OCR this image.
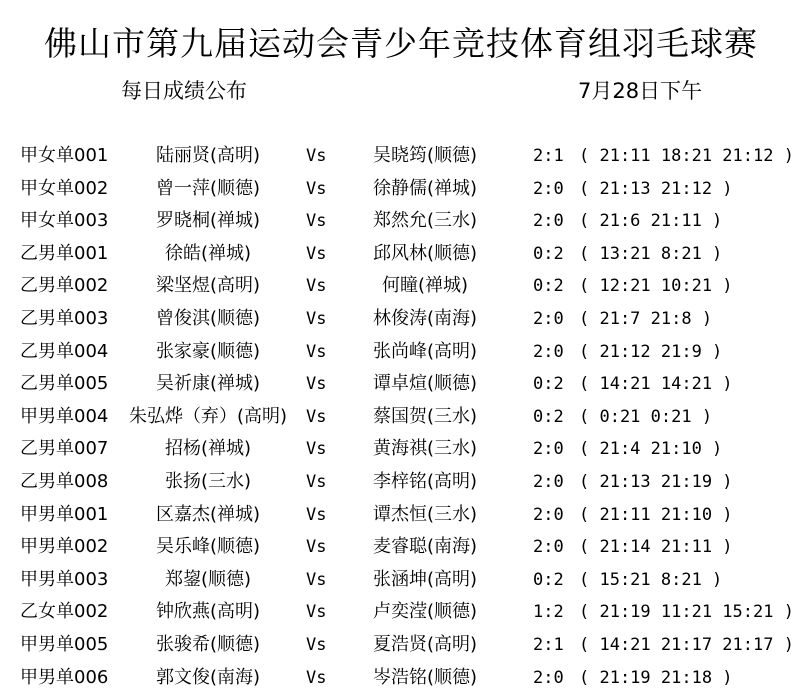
佛山市第九届运动会青少年竞技体育组羽毛球赛
每日成绩公布	7月28日下午
甲女单001	陆丽贤(高明)	Vs	吴晓筠(顺德)	2:1 ( 21:11 18:21 21:12 )
甲女单002	曾一萍(顺德)	Vs	徐静儒(禅城)	2:0 ( 21:13 21:12 )
甲女单003	罗晓桐(禅城)	Vs	郑然允(三水)	2:0 ( 21:6 21:11 )
乙男单001	徐皓(禅城)	Vs	邱风林(顺德)	0:2 ( 13:21 8:21 )
乙男单002	梁坚煜(高明)	Vs	何瞳(禅城)	0:2 ( 12:21 10:21 )
乙男单003	曾俊淇(顺德)	Vs	林俊涛(南海)	2:0 ( 21:7 21:8 )
乙男单004	张家豪(顺德)	Vs	张尚峰(高明)	2:0 ( 21:12 21:9 )
乙男单005	吴祈康(禅城)	Vs	谭卓煊(顺德)	0:2 ( 14:21 14:21 )
甲男单004	朱弘烨（弃）(高明)	Vs	蔡国贺(三水)	0:2 ( 0:21 0:21 )
乙男单007	招杨(禅城)	Vs	黄海祺(三水)	2:0 ( 21:4 21:10 )
乙男单008	张扬(三水)	Vs	李梓铭(高明)	2:0 ( 21:13 21:19 )
甲男单001	区嘉杰(禅城)	Vs	谭杰恒(三水)	2:0 ( 21:11 21:10 )
甲男单002	吴乐峰(顺德)	Vs	麦睿聪(南海)	2:0 ( 21:14 21:11 )
甲男单003	郑鋆(顺德)	Vs	张涵坤(高明)	0:2 ( 15:21 8:21 )
乙女单002	钟欣燕(高明)	Vs	卢奕滢(顺德)	1:2 ( 21:19 11:21 15:21 )
甲男单005	张骏希(顺德)	Vs	夏浩贤(高明)	2:1 ( 14:21 21:17 21:17 )
甲男单006	郭文俊(南海)	Vs	岑浩铭(顺德)	2:0 ( 21:19 21:18 )
